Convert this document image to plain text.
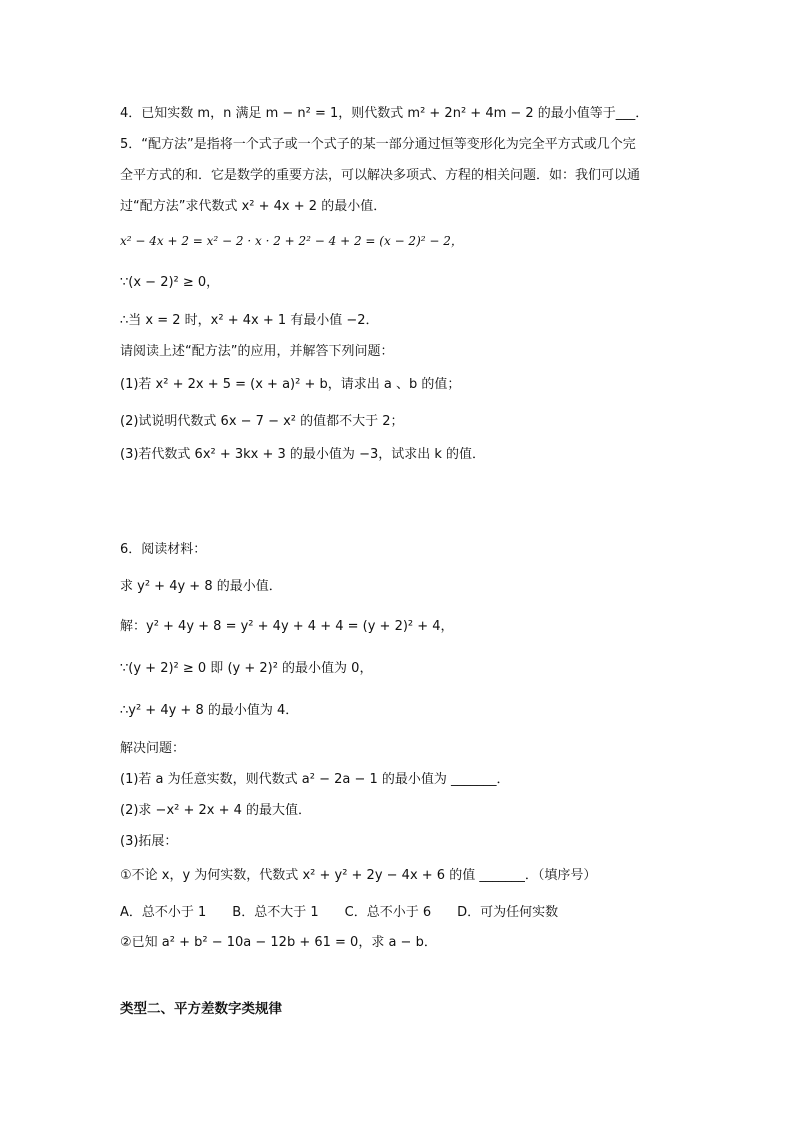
4．已知实数 m，n 满足 m − n² = 1，则代数式 m² + 2n² + 4m − 2 的最小值等于___．
5．“配方法”是指将一个式子或一个式子的某一部分通过恒等变形化为完全平方式或几个完
全平方式的和．它是数学的重要方法，可以解决多项式、方程的相关问题．如：我们可以通
过“配方法”求代数式 x² + 4x + 2 的最小值．
x² − 4x + 2 = x² − 2 · x · 2 + 2² − 4 + 2 = (x − 2)² − 2，
∵(x − 2)² ≥ 0，
∴当 x = 2 时，x² + 4x + 1 有最小值 −2．
请阅读上述“配方法”的应用，并解答下列问题：
(1)若 x² + 2x + 5 = (x + a)² + b，请求出 a 、b 的值；
(2)试说明代数式 6x − 7 − x² 的值都不大于 2；
(3)若代数式 6x² + 3kx + 3 的最小值为 −3，试求出 k 的值．
6．阅读材料：
求 y² + 4y + 8 的最小值．
解：y² + 4y + 8 = y² + 4y + 4 + 4 = (y + 2)² + 4，
∵(y + 2)² ≥ 0 即 (y + 2)² 的最小值为 0，
∴y² + 4y + 8 的最小值为 4．
解决问题：
(1)若 a 为任意实数，则代数式 a² − 2a − 1 的最小值为 _______．
(2)求 −x² + 2x + 4 的最大值．
(3)拓展：
①不论 x，y 为何实数，代数式 x² + y² + 2y − 4x + 6 的值 _______．（填序号）
A．总不小于 1　　B．总不大于 1　　C．总不小于 6　　D．可为任何实数
②已知 a² + b² − 10a − 12b + 61 = 0，求 a − b．
类型二、平方差数字类规律
